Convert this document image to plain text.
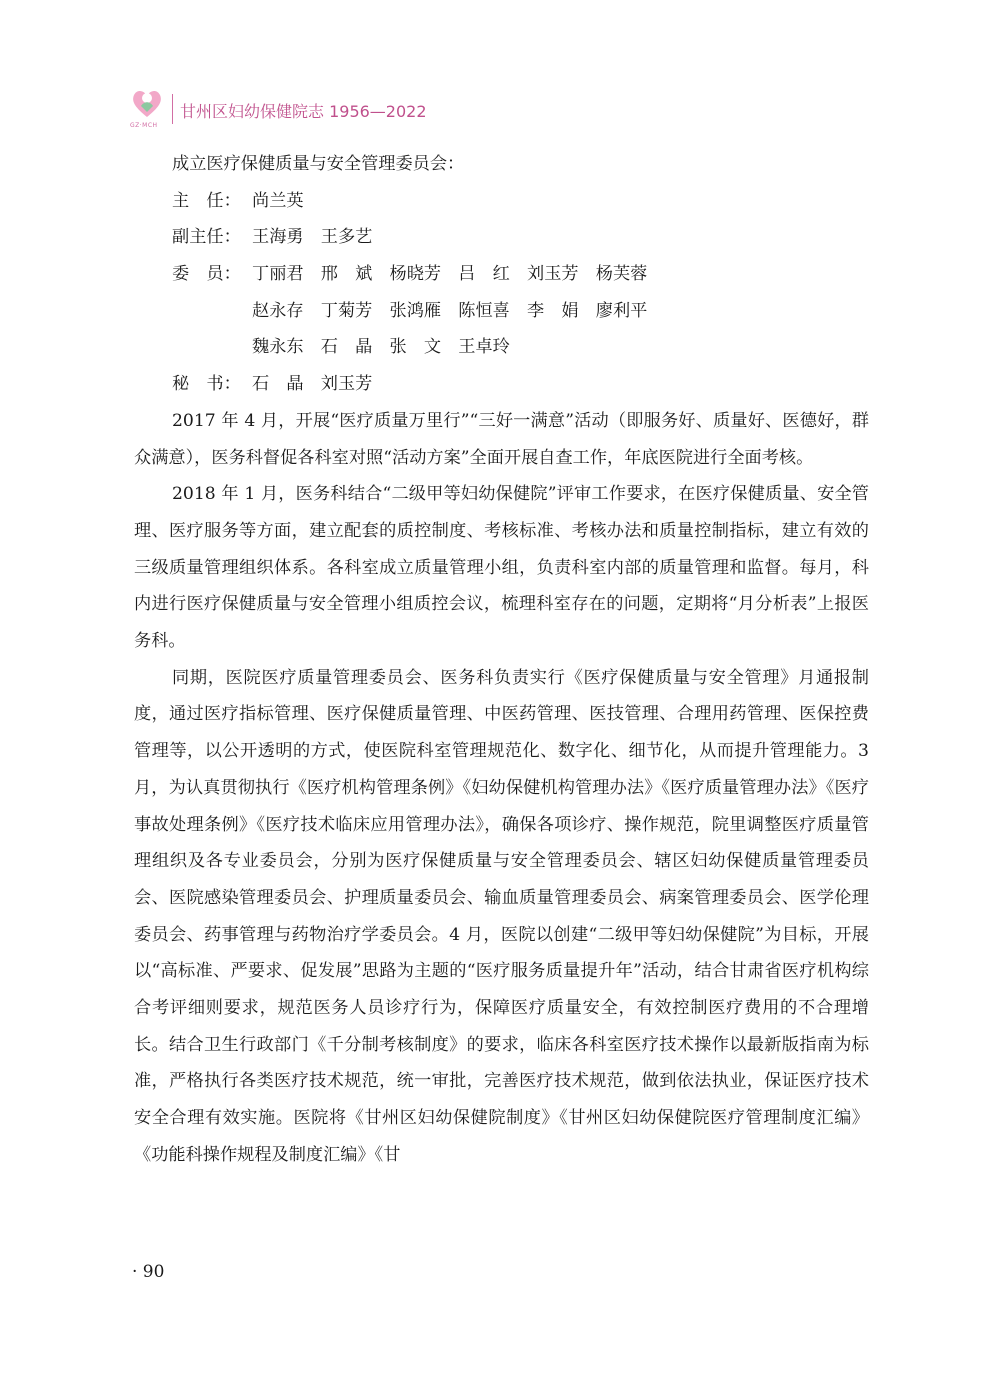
GZ·MCH
甘州区妇幼保健院志 1956—2022

成立医疗保健质量与安全管理委员会：

主　任： 尚兰英
副主任： 王海勇　王多艺
委　员： 丁丽君　邢　斌　杨晓芳　吕　红　刘玉芳　杨芙蓉
赵永存　丁菊芳　张鸿雁　陈恒喜　李　娟　廖利平
魏永东　石　晶　张　文　王卓玲
秘　书： 石　晶　刘玉芳

2017 年 4 月，开展“医疗质量万里行”“三好一满意”活动（即服务好、质量好、医德好，群众满意），医务科督促各科室对照“活动方案”全面开展自查工作，年底医院进行全面考核。

2018 年 1 月，医务科结合“二级甲等妇幼保健院”评审工作要求，在医疗保健质量、安全管理、医疗服务等方面，建立配套的质控制度、考核标准、考核办法和质量控制指标，建立有效的三级质量管理组织体系。各科室成立质量管理小组，负责科室内部的质量管理和监督。每月，科内进行医疗保健质量与安全管理小组质控会议，梳理科室存在的问题，定期将“月分析表”上报医务科。

同期，医院医疗质量管理委员会、医务科负责实行《医疗保健质量与安全管理》月通报制度，通过医疗指标管理、医疗保健质量管理、中医药管理、医技管理、合理用药管理、医保控费管理等，以公开透明的方式，使医院科室管理规范化、数字化、细节化，从而提升管理能力。3 月，为认真贯彻执行《医疗机构管理条例》《妇幼保健机构管理办法》《医疗质量管理办法》《医疗事故处理条例》《医疗技术临床应用管理办法》，确保各项诊疗、操作规范，院里调整医疗质量管理组织及各专业委员会，分别为医疗保健质量与安全管理委员会、辖区妇幼保健质量管理委员会、医院感染管理委员会、护理质量委员会、输血质量管理委员会、病案管理委员会、医学伦理委员会、药事管理与药物治疗学委员会。4 月，医院以创建“二级甲等妇幼保健院”为目标，开展以“高标准、严要求、促发展”思路为主题的“医疗服务质量提升年”活动，结合甘肃省医疗机构综合考评细则要求，规范医务人员诊疗行为，保障医疗质量安全，有效控制医疗费用的不合理增长。结合卫生行政部门《千分制考核制度》的要求，临床各科室医疗技术操作以最新版指南为标准，严格执行各类医疗技术规范，统一审批，完善医疗技术规范，做到依法执业，保证医疗技术安全合理有效实施。医院将《甘州区妇幼保健院制度》《甘州区妇幼保健院医疗管理制度汇编》《功能科操作规程及制度汇编》《甘

· 90
